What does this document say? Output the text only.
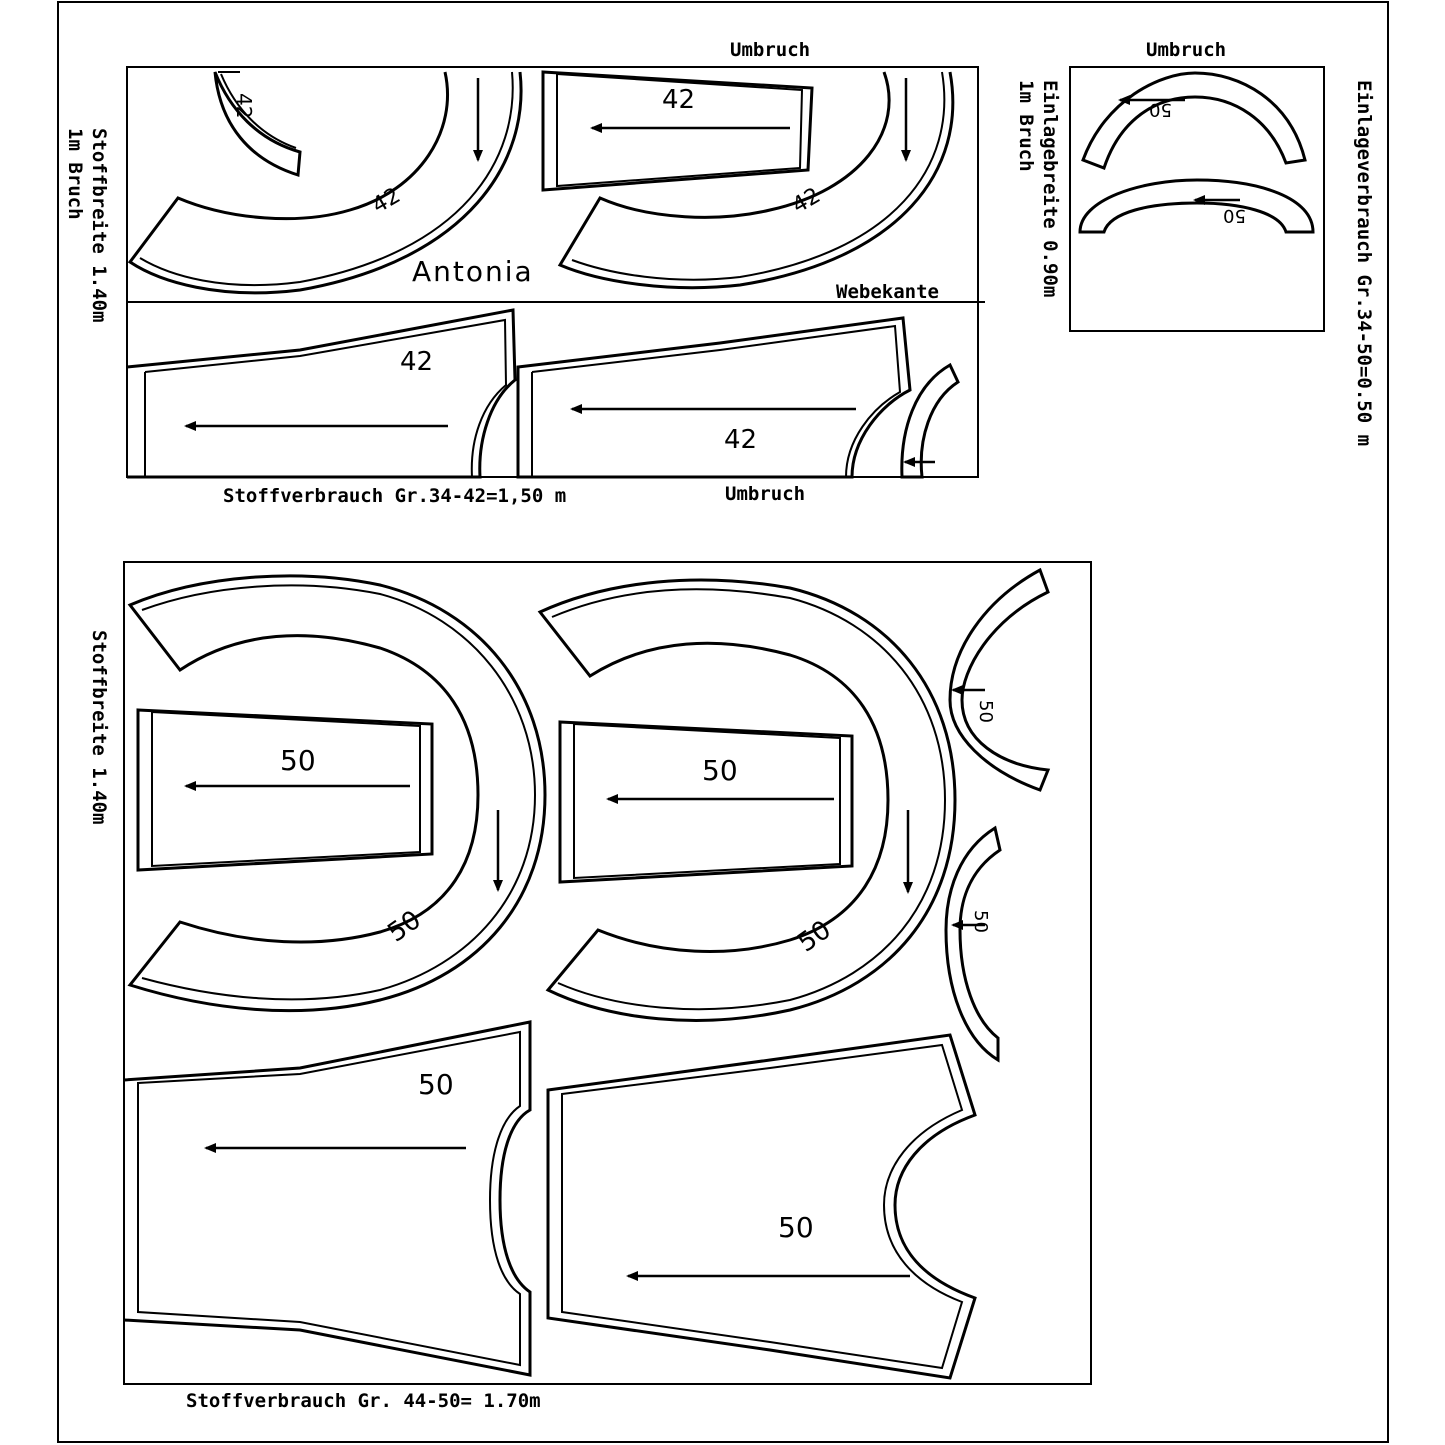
42
42
42
42
Antonia
Webekante
Umbruch
42
42
Umbruch
Stoffverbrauch Gr.34-42=1,50 m
Stoffbreite 1.40m
1m Bruch
Umbruch
50
50	Einlageverbrauch Gr.34-50=0.50 m
Einlagebreite 0.90m
1m Bruch
50
50
50
50
50
50
50
50
Stoffverbrauch Gr. 44-50= 1.70m
Stoffbreite 1.40m
